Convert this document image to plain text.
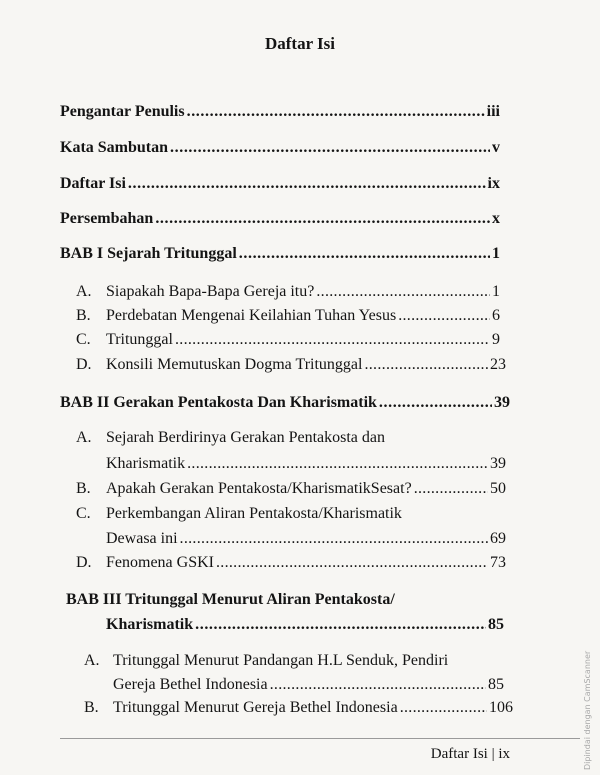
Daftar Isi
Pengantar Penulis .....	iii
Kata Sambutan .....	v
Daftar Isi .....	ix
Persembahan .....	x
BAB I Sejarah Tritunggal .....	1
A. Siapakah Bapa-Bapa Gereja itu? .....	1
B. Perdebatan Mengenai Keilahian Tuhan Yesus .....	6
C. Tritunggal .....	9
D. Konsili Memutuskan Dogma Tritunggal .....	23
BAB II Gerakan Pentakosta Dan Kharismatik .....	39
A. Sejarah Berdirinya Gerakan Pentakosta dan
Kharismatik .....	39
B. Apakah Gerakan Pentakosta/KharismatikSesat? .....	50
C. Perkembangan Aliran Pentakosta/Kharismatik
Dewasa ini .....	69
D. Fenomena GSKI .....	73
BAB III Tritunggal Menurut Aliran Pentakosta/
Kharismatik .....	85
A. Tritunggal Menurut Pandangan H.L Senduk, Pendiri
Gereja Bethel Indonesia .....	85
B. Tritunggal Menurut Gereja Bethel Indonesia .....	106
Daftar Isi | ix	Dipindai dengan CamScanner
